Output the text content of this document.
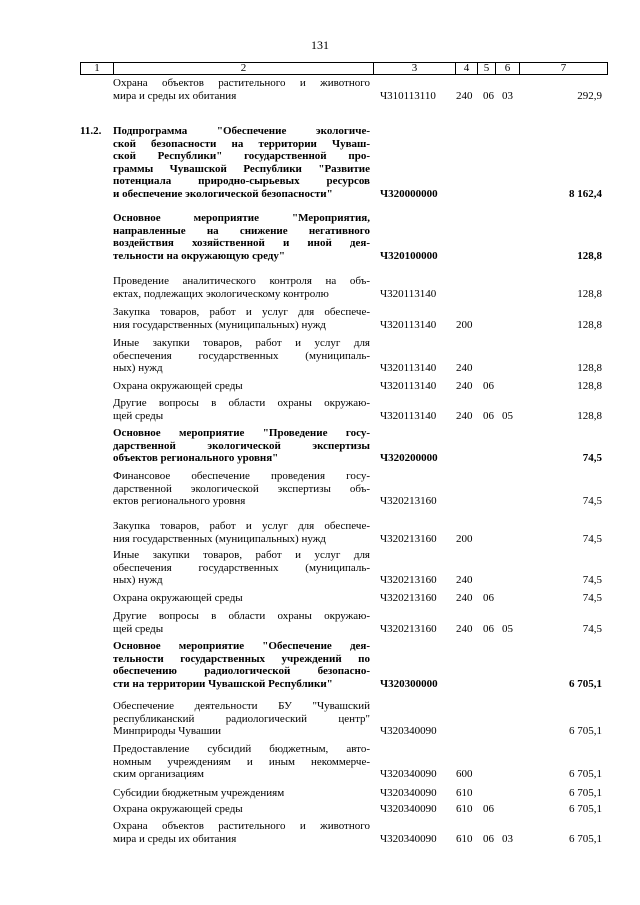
131
1	2	3	4	5	6	7
Охрана объектов растительного и животного
мира и среды их обитания	Ч310113110 240 06 03	292,9
11.2. Подпрограмма "Обеспечение экологиче-
ской безопасности на территории Чуваш-
ской Республики" государственной про-
граммы Чувашской Республики "Развитие
потенциала природно-сырьевых ресурсов
и обеспечение экологической безопасности"	Ч320000000	8 162,4
Основное мероприятие "Мероприятия,
направленные на снижение негативного
воздействия хозяйственной и иной дея-
тельности на окружающую среду"	Ч320100000	128,8
Проведение аналитического контроля на объ-
ектах, подлежащих экологическому контролю	Ч320113140	128,8
Закупка товаров, работ и услуг для обеспече-
ния государственных (муниципальных) нужд	Ч320113140 200	128,8
Иные закупки товаров, работ и услуг для
обеспечения государственных (муниципаль-
ных) нужд	Ч320113140 240	128,8
Охрана окружающей среды	Ч320113140 240 06	128,8
Другие вопросы в области охраны окружаю-
щей среды	Ч320113140 240 06 05	128,8
Основное мероприятие "Проведение госу-
дарственной экологической экспертизы
объектов регионального уровня"	Ч320200000	74,5
Финансовое обеспечение проведения госу-
дарственной экологической экспертизы объ-
ектов регионального уровня	Ч320213160	74,5
Закупка товаров, работ и услуг для обеспече-
ния государственных (муниципальных) нужд	Ч320213160 200	74,5
Иные закупки товаров, работ и услуг для
обеспечения государственных (муниципаль-
ных) нужд	Ч320213160 240	74,5
Охрана окружающей среды	Ч320213160 240 06	74,5
Другие вопросы в области охраны окружаю-
щей среды	Ч320213160 240 06 05	74,5
Основное мероприятие "Обеспечение дея-
тельности государственных учреждений по
обеспечению радиологической безопасно-
сти на территории Чувашской Республики"	Ч320300000	6 705,1
Обеспечение деятельности БУ "Чувашский
республиканский радиологический центр"
Минприроды Чувашии	Ч320340090	6 705,1
Предоставление субсидий бюджетным, авто-
номным учреждениям и иным некоммерче-
ским организациям	Ч320340090 600	6 705,1
Субсидии бюджетным учреждениям	Ч320340090 610	6 705,1
Охрана окружающей среды	Ч320340090 610 06	6 705,1
Охрана объектов растительного и животного
мира и среды их обитания	Ч320340090 610 06 03	6 705,1
